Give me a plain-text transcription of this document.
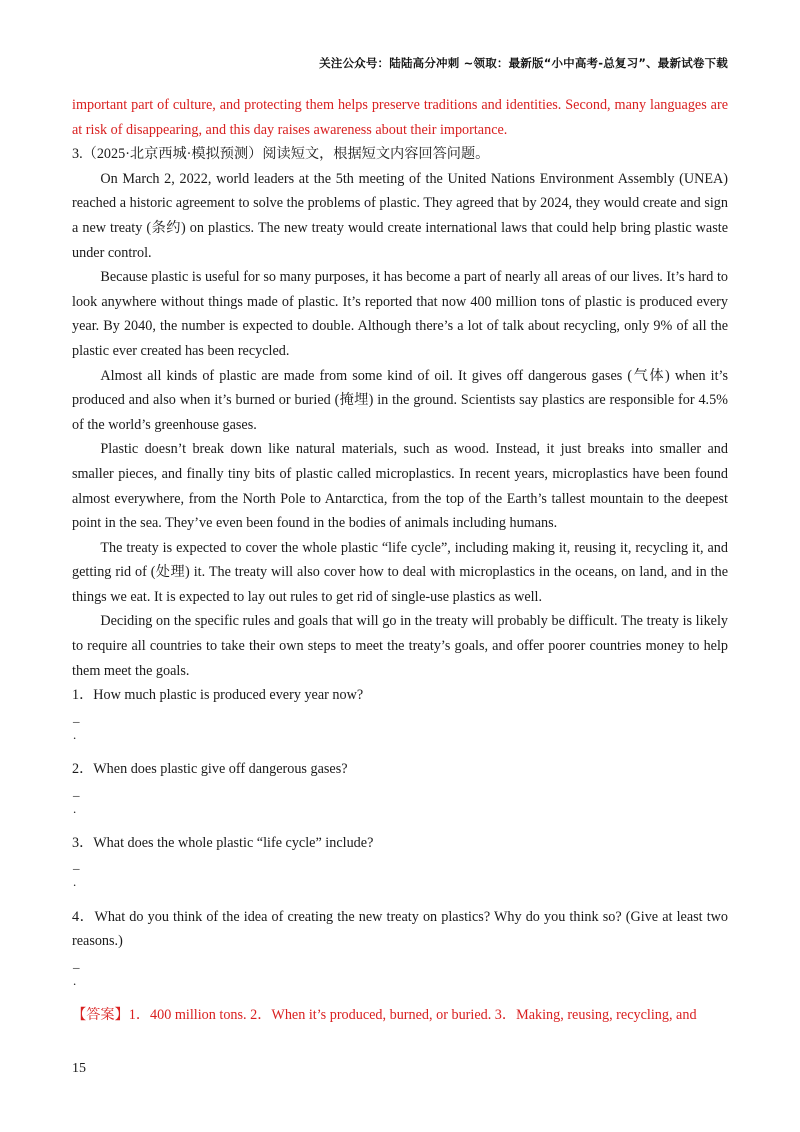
关注公众号：陆陆高分冲刺 ~领取：最新版“小中高考-总复习”、最新试卷下载

important part of culture, and protecting them helps preserve traditions and identities. Second, many languages are at risk of disappearing, and this day raises awareness about their importance.

3.（2025·北京西城·模拟预测）阅读短文，根据短文内容回答问题。

On March 2, 2022, world leaders at the 5th meeting of the United Nations Environment Assembly (UNEA) reached a historic agreement to solve the problems of plastic. They agreed that by 2024, they would create and sign a new treaty (条约) on plastics. The new treaty would create international laws that could help bring plastic waste under control.

Because plastic is useful for so many purposes, it has become a part of nearly all areas of our lives. It’s hard to look anywhere without things made of plastic. It’s reported that now 400 million tons of plastic is produced every year. By 2040, the number is expected to double. Although there’s a lot of talk about recycling, only 9% of all the plastic ever created has been recycled.

Almost all kinds of plastic are made from some kind of oil. It gives off dangerous gases (气体) when it’s produced and also when it’s burned or buried (掩埋) in the ground. Scientists say plastics are responsible for 4.5% of the world’s greenhouse gases.

Plastic doesn’t break down like natural materials, such as wood. Instead, it just breaks into smaller and smaller pieces, and finally tiny bits of plastic called microplastics. In recent years, microplastics have been found almost everywhere, from the North Pole to Antarctica, from the top of the Earth’s tallest mountain to the deepest point in the sea. They’ve even been found in the bodies of animals including humans.

The treaty is expected to cover the whole plastic “life cycle”, including making it, reusing it, recycling it, and getting rid of (处理) it. The treaty will also cover how to deal with microplastics in the oceans, on land, and in the things we eat. It is expected to lay out rules to get rid of single-use plastics as well.

Deciding on the specific rules and goals that will go in the treaty will probably be difficult. The treaty is likely to require all countries to take their own steps to meet the treaty’s goals, and offer poorer countries money to help them meet the goals.

1．How much plastic is produced every year now?

_
.

2．When does plastic give off dangerous gases?

_
.

3．What does the whole plastic “life cycle” include?

_
.

4．What do you think of the idea of creating the new treaty on plastics? Why do you think so? (Give at least two reasons.)

_
.

【答案】1．400 million tons. 2．When it’s produced, burned, or buried. 3．Making, reusing, recycling, and

15
